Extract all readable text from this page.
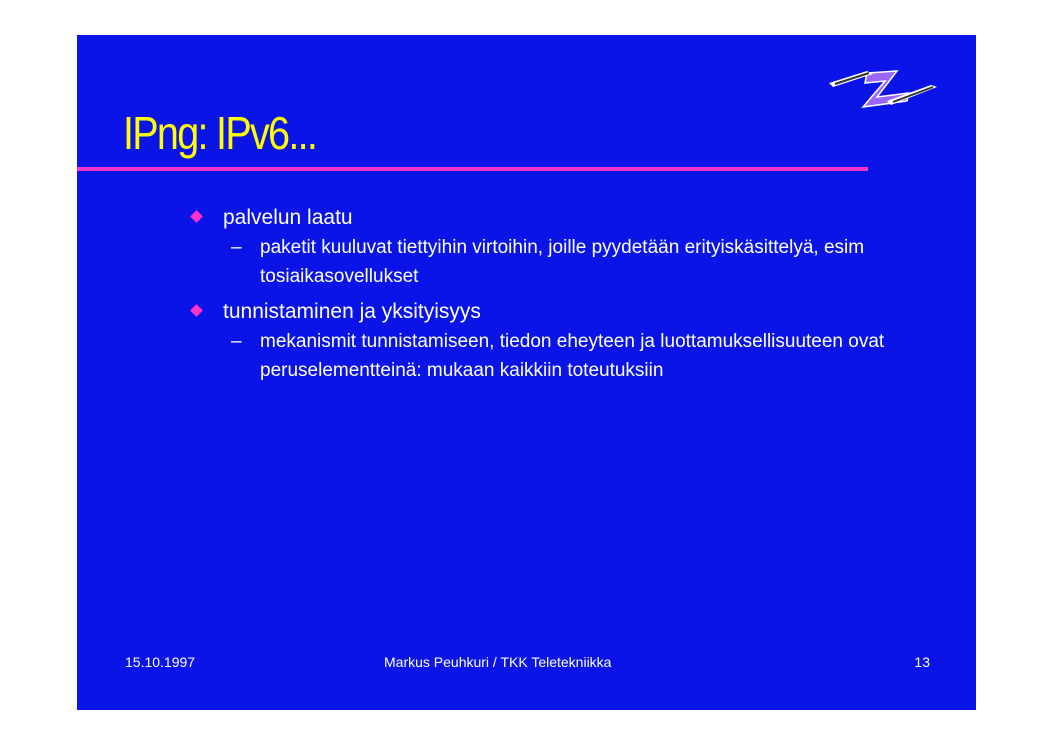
IPng: IPv6...
palvelun laatu
– paketit kuuluvat tiettyihin virtoihin, joille pyydetään erityiskäsittelyä, esim tosiaikasovellukset
tunnistaminen ja yksityisyys
– mekanismit tunnistamiseen, tiedon eheyteen ja luottamuksellisuuteen ovat peruselementteinä: mukaan kaikkiin toteutuksiin
15.10.1997	Markus Peuhkuri / TKK Teletekniikka	13
